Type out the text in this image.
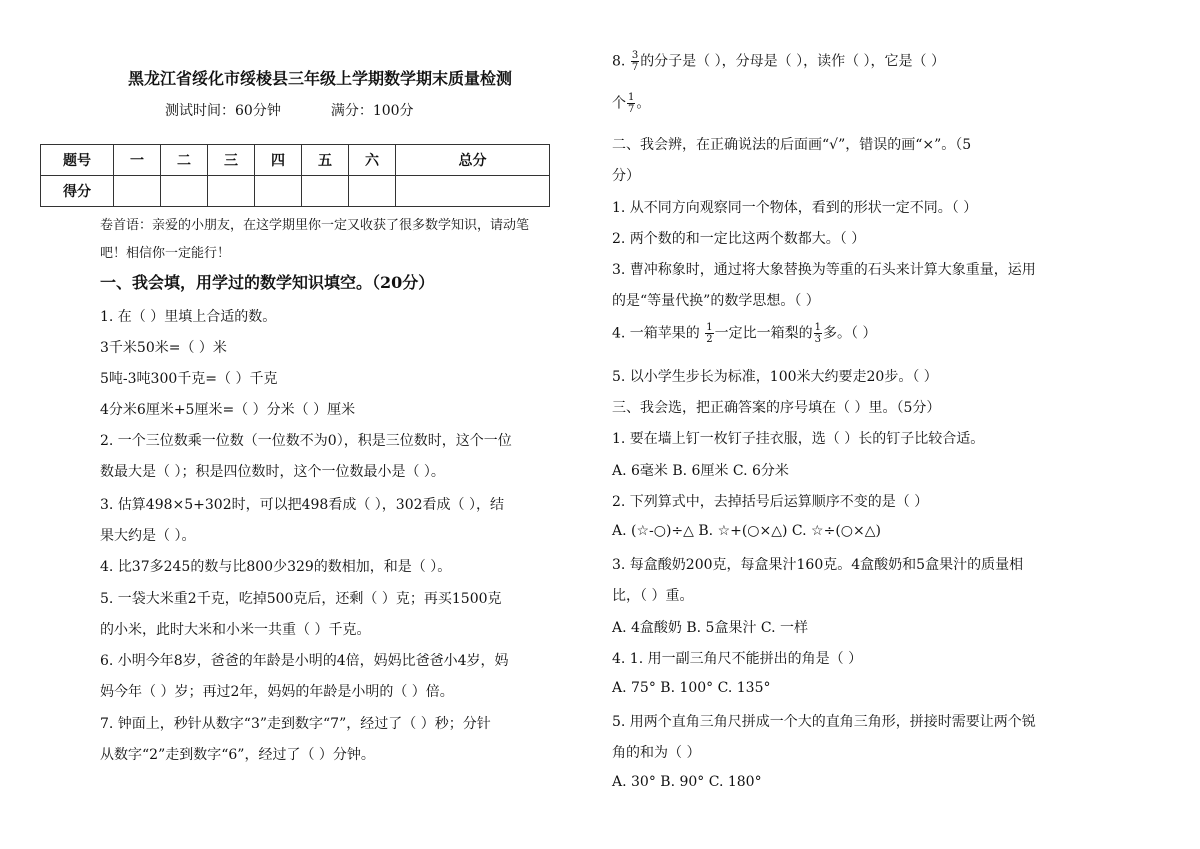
黑龙江省绥化市绥棱县三年级上学期数学期末质量检测
测试时间：60分钟	满分：100分
题号	一	二	三	四	五	六	总分
得分							
卷首语：亲爱的小朋友，在这学期里你一定又收获了很多数学知识，请动笔
吧！相信你一定能行！
一、我会填，用学过的数学知识填空。（20分）
1. 在（ ）里填上合适的数。
3千米50米=（ ）米
5吨-3吨300千克=（ ）千克
4分米6厘米+5厘米=（ ）分米（ ）厘米
2. 一个三位数乘一位数（一位数不为0），积是三位数时，这个一位
数最大是（ ）；积是四位数时，这个一位数最小是（ ）。
3. 估算498×5+302时，可以把498看成（ ），302看成（ ），结
果大约是（ ）。
4. 比37多245的数与比800少329的数相加，和是（ ）。
5. 一袋大米重2千克，吃掉500克后，还剩（ ）克；再买1500克
的小米，此时大米和小米一共重（ ）千克。
6. 小明今年8岁，爸爸的年龄是小明的4倍，妈妈比爸爸小4岁，妈
妈今年（ ）岁；再过2年，妈妈的年龄是小明的（ ）倍。
7. 钟面上，秒针从数字“3”走到数字“7”，经过了（ ）秒；分针
从数字“2”走到数字“6”，经过了（ ）分钟。
8. $\frac{3}{7}$ 的分子是（ ），分母是（ ），读作（ ），它是（ ）
个 $\frac{1}{7}$ 。
二、我会辨，在正确说法的后面画“√”，错误的画“×”。（5
分）
1. 从不同方向观察同一个物体，看到的形状一定不同。（ ）
2. 两个数的和一定比这两个数都大。（ ）
3. 曹冲称象时，通过将大象替换为等重的石头来计算大象重量，运用
的是“等量代换”的数学思想。（ ）
4. 一箱苹果的 $\frac{1}{2}$ 一定比一箱梨的 $\frac{1}{3}$ 多。（ ）
5. 以小学生步长为标准，100米大约要走20步。（ ）
三、我会选，把正确答案的序号填在（ ）里。（5分）
1. 要在墙上钉一枚钉子挂衣服，选（ ）长的钉子比较合适。
A. 6毫米 B. 6厘米 C. 6分米
2. 下列算式中，去掉括号后运算顺序不变的是（ ）
A. (☆-○)÷△ B. ☆+(○×△) C. ☆÷(○×△)
3. 每盒酸奶200克，每盒果汁160克。4盒酸奶和5盒果汁的质量相
比，（ ）重。
A. 4盒酸奶 B. 5盒果汁 C. 一样
4. 1. 用一副三角尺不能拼出的角是（ ）
A. 75° B. 100° C. 135°
5. 用两个直角三角尺拼成一个大的直角三角形，拼接时需要让两个锐
角的和为（ ）
A. 30° B. 90° C. 180°
